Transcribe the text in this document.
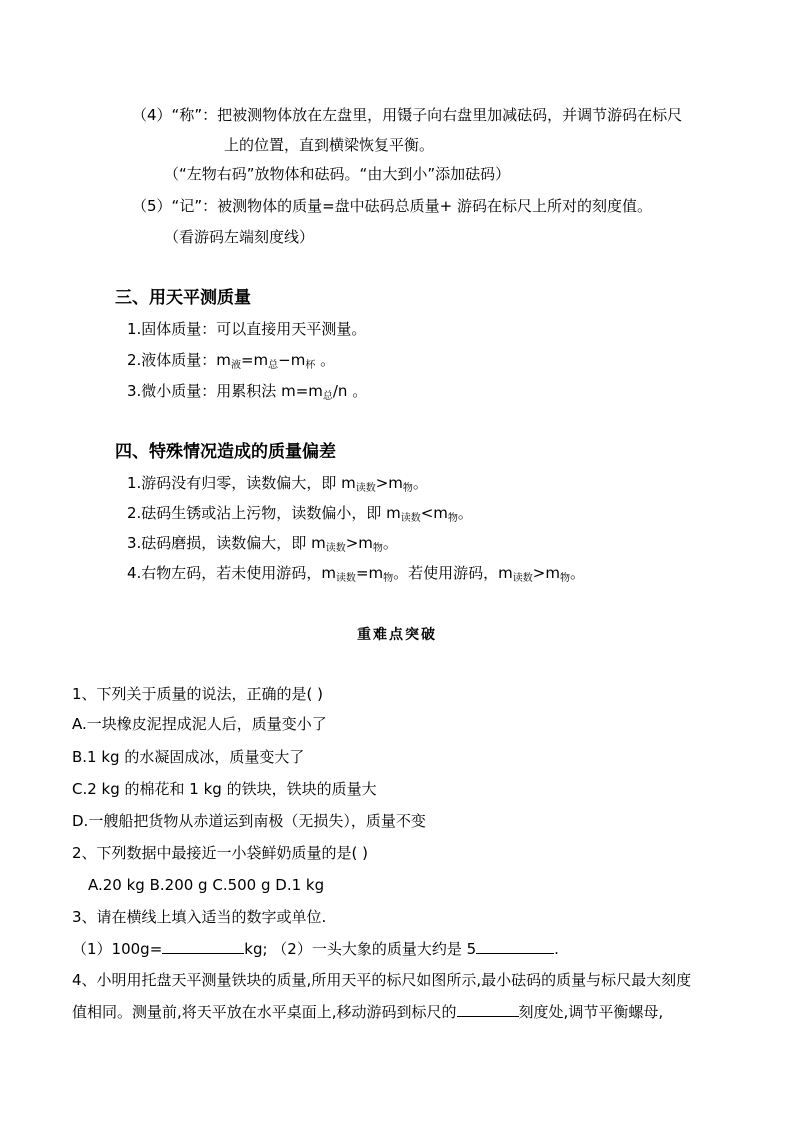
（4）“称”：把被测物体放在左盘里，用镊子向右盘里加减砝码，并调节游码在标尺
上的位置，直到横梁恢复平衡。
（“左物右码”放物体和砝码。“由大到小”添加砝码）
（5）“记”：被测物体的质量=盘中砝码总质量+ 游码在标尺上所对的刻度值。
（看游码左端刻度线）
三、用天平测质量
1.固体质量：可以直接用天平测量。
2.液体质量：$m_液=m_总-m_杯$ 。
3.微小质量：用累积法 $m=m_总/n$ 。
四、特殊情况造成的质量偏差
1.游码没有归零，读数偏大，即 $m_{读数}>m_物$。
2.砝码生锈或沾上污物，读数偏小，即 $m_{读数}<m_物$。
3.砝码磨损，读数偏大，即 $m_{读数}>m_物$。
4.右物左码，若未使用游码，$m_{读数}=m_物$。若使用游码，$m_{读数}>m_物$。
重难点突破
1、下列关于质量的说法，正确的是( )
A.一块橡皮泥捏成泥人后，质量变小了
B.1 kg 的水凝固成冰，质量变大了
C.2 kg 的棉花和 1 kg 的铁块，铁块的质量大
D.一艘船把货物从赤道运到南极（无损失），质量不变
2、下列数据中最接近一小袋鲜奶质量的是( )
A.20 kg B.200 g C.500 g D.1 kg
3、请在横线上填入适当的数字或单位.
（1）100g=	kg; （2）一头大象的质量大约是 5	.
4、小明用托盘天平测量铁块的质量,所用天平的标尺如图所示,最小砝码的质量与标尺最大刻度
值相同。测量前,将天平放在水平桌面上,移动游码到标尺的	刻度处,调节平衡螺母,
